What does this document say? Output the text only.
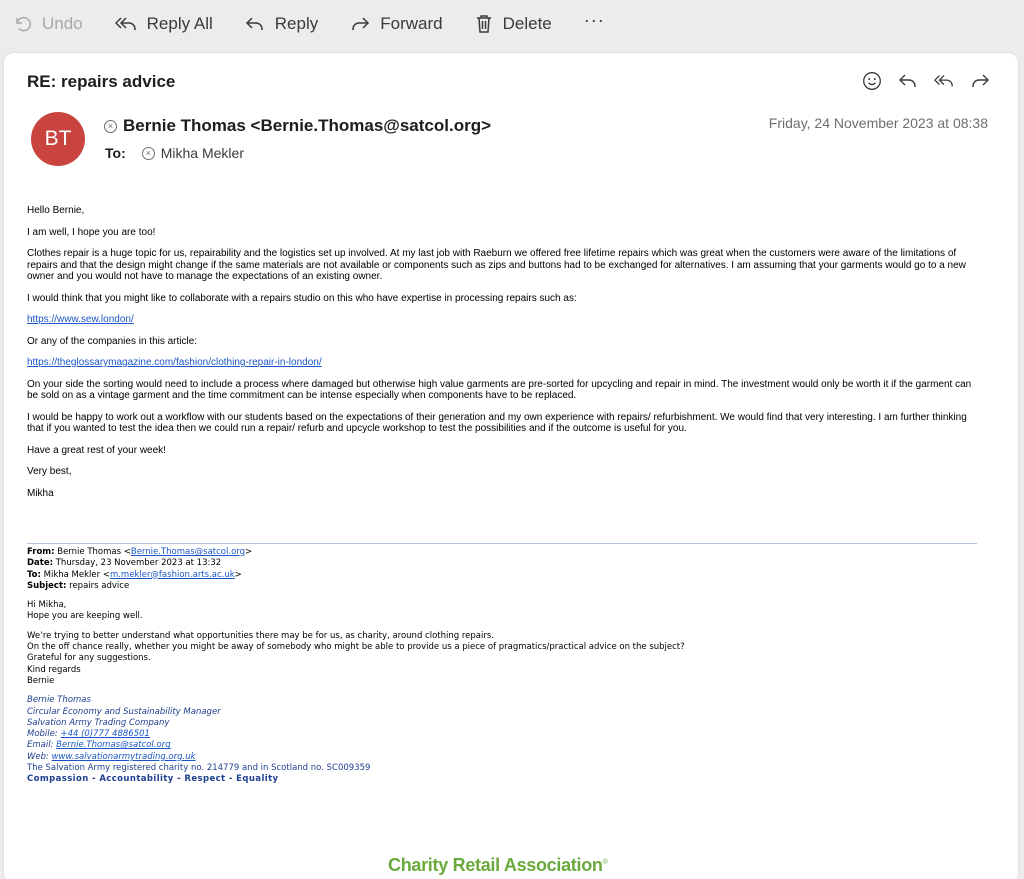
Undo	Reply All	Reply	Forward	Delete ···
RE: repairs advice
BT
× Bernie Thomas <Bernie.Thomas@satcol.org>
To:	× Mikha Mekler
Friday, 24 November 2023 at 08:38

Hello Bernie,

I am well, I hope you are too!

Clothes repair is a huge topic for us, repairability and the logistics set up involved. At my last job with Raeburn we offered free lifetime repairs which was great when the customers were aware of the limitations of repairs and that the design might change if the same materials are not available or components such as zips and buttons had to be exchanged for alternatives. I am assuming that your garments would go to a new owner and you would not have to manage the expectations of an existing owner.

I would think that you might like to collaborate with a repairs studio on this who have expertise in processing repairs such as:

https://www.sew.london/

Or any of the companies in this article:

https://theglossarymagazine.com/fashion/clothing-repair-in-london/

On your side the sorting would need to include a process where damaged but otherwise high value garments are pre-sorted for upcycling and repair in mind. The investment would only be worth it if the garment can be sold on as a vintage garment and the time commitment can be intense especially when components have to be replaced.

I would be happy to work out a workflow with our students based on the expectations of their generation and my own experience with repairs/ refurbishment. We would find that very interesting. I am further thinking that if you wanted to test the idea then we could run a repair/ refurb and upcycle workshop to test the possibilities and if the outcome is useful for you.

Have a great rest of your week!

Very best,

Mikha

From: Bernie Thomas <Bernie.Thomas@satcol.org>
Date: Thursday, 23 November 2023 at 13:32
To: Mikha Mekler <m.mekler@fashion.arts.ac.uk>
Subject: repairs advice
Hi Mikha,
Hope you are keeping well.
We’re trying to better understand what opportunities there may be for us, as charity, around clothing repairs.
On the off chance really, whether you might be away of somebody who might be able to provide us a piece of pragmatics/practical advice on the subject?
Grateful for any suggestions.
Kind regards
Bernie
Bernie Thomas
Circular Economy and Sustainability Manager
Salvation Army Trading Company
Mobile: +44 (0)777 4886501
Email: Bernie.Thomas@satcol.org
Web: www.salvationarmytrading.org.uk
The Salvation Army registered charity no. 214779 and in Scotland no. SC009359
Compassion - Accountability - Respect - Equality
Charity Retail Association®
